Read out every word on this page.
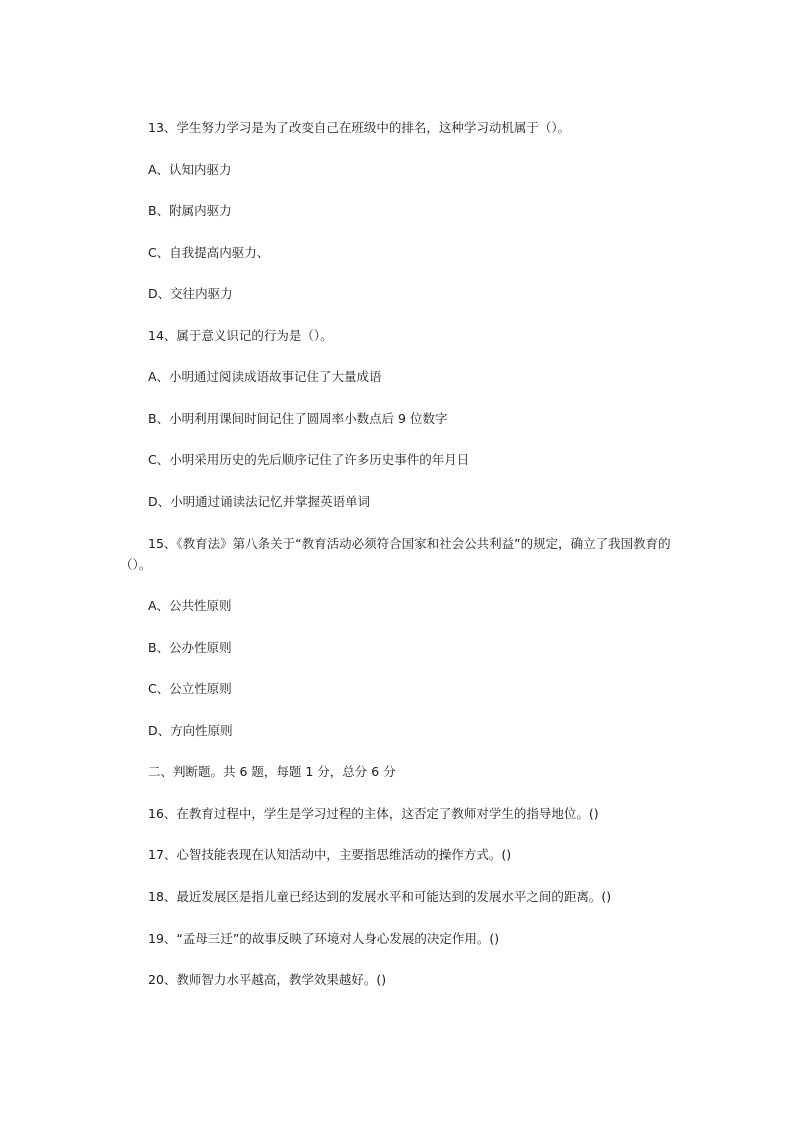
13、学生努力学习是为了改变自己在班级中的排名，这种学习动机属于（）。
A、认知内驱力
B、附属内驱力
C、自我提高内驱力、
D、交往内驱力
14、属于意义识记的行为是（）。
A、小明通过阅读成语故事记住了大量成语
B、小明利用课间时间记住了圆周率小数点后 9 位数字
C、小明采用历史的先后顺序记住了许多历史事件的年月日
D、小明通过诵读法记忆并掌握英语单词
15、《教育法》第八条关于“教育活动必须符合国家和社会公共利益”的规定，确立了我国教育的（）。
A、公共性原则
B、公办性原则
C、公立性原则
D、方向性原则
二、判断题。共 6 题，每题 1 分，总分 6 分
16、在教育过程中，学生是学习过程的主体，这否定了教师对学生的指导地位。()
17、心智技能表现在认知活动中，主要指思维活动的操作方式。()
18、最近发展区是指儿童已经达到的发展水平和可能达到的发展水平之间的距离。()
19、“孟母三迁”的故事反映了环境对人身心发展的决定作用。()
20、教师智力水平越高，教学效果越好。()
